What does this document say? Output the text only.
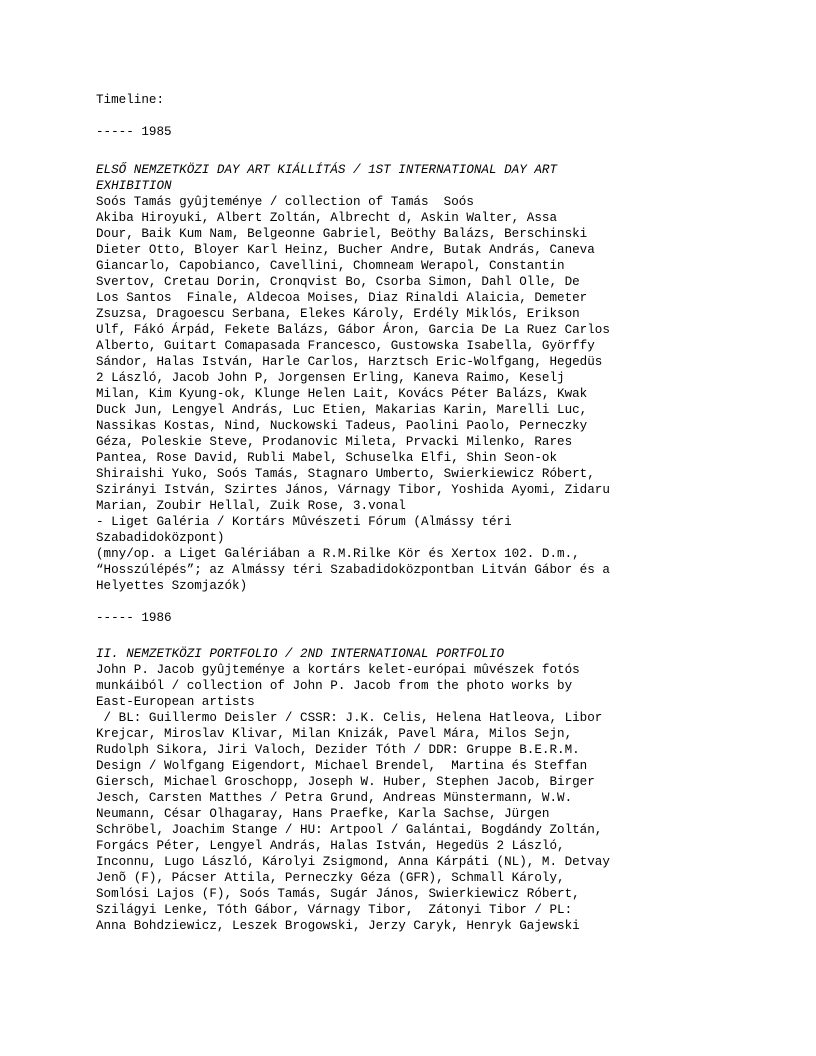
Timeline:
----- 1985
ELSŐ NEMZETKÖZI DAY ART KIÁLLÍTÁS / 1ST INTERNATIONAL DAY ART
EXHIBITION
Soós Tamás gyûjteménye / collection of Tamás  Soós
Akiba Hiroyuki, Albert Zoltán, Albrecht d, Askin Walter, Assa
Dour, Baik Kum Nam, Belgeonne Gabriel, Beöthy Balázs, Berschinski
Dieter Otto, Bloyer Karl Heinz, Bucher Andre, Butak András, Caneva
Giancarlo, Capobianco, Cavellini, Chomneam Werapol, Constantin
Svertov, Cretau Dorin, Cronqvist Bo, Csorba Simon, Dahl Olle, De
Los Santos  Finale, Aldecoa Moises, Diaz Rinaldi Alaicia, Demeter
Zsuzsa, Dragoescu Serbana, Elekes Károly, Erdély Miklós, Erikson
Ulf, Fákó Árpád, Fekete Balázs, Gábor Áron, Garcia De La Ruez Carlos
Alberto, Guitart Comapasada Francesco, Gustowska Isabella, Györffy
Sándor, Halas István, Harle Carlos, Harztsch Eric-Wolfgang, Hegedüs
2 László, Jacob John P, Jorgensen Erling, Kaneva Raimo, Keselj
Milan, Kim Kyung-ok, Klunge Helen Lait, Kovács Péter Balázs, Kwak
Duck Jun, Lengyel András, Luc Etien, Makarias Karin, Marelli Luc,
Nassikas Kostas, Nind, Nuckowski Tadeus, Paolini Paolo, Perneczky
Géza, Poleskie Steve, Prodanovic Mileta, Prvacki Milenko, Rares
Pantea, Rose David, Rubli Mabel, Schuselka Elfi, Shin Seon-ok
Shiraishi Yuko, Soós Tamás, Stagnaro Umberto, Swierkiewicz Róbert,
Szirányi István, Szirtes János, Várnagy Tibor, Yoshida Ayomi, Zidaru
Marian, Zoubir Hellal, Zuik Rose, 3.vonal
- Liget Galéria / Kortárs Mûvészeti Fórum (Almássy téri
Szabadidoközpont)
(mny/op. a Liget Galériában a R.M.Rilke Kör és Xertox 102. D.m.,
“Hosszúlépés”; az Almássy téri Szabadidoközpontban Litván Gábor és a
Helyettes Szomjazók)
----- 1986
II. NEMZETKÖZI PORTFOLIO / 2ND INTERNATIONAL PORTFOLIO
John P. Jacob gyûjteménye a kortárs kelet-európai mûvészek fotós
munkáiból / collection of John P. Jacob from the photo works by
East-European artists
/ BL: Guillermo Deisler / CSSR: J.K. Celis, Helena Hatleova, Libor
Krejcar, Miroslav Klivar, Milan Knizák, Pavel Mára, Milos Sejn,
Rudolph Sikora, Jiri Valoch, Dezider Tóth / DDR: Gruppe B.E.R.M.
Design / Wolfgang Eigendort, Michael Brendel,  Martina és Steffan
Giersch, Michael Groschopp, Joseph W. Huber, Stephen Jacob, Birger
Jesch, Carsten Matthes / Petra Grund, Andreas Münstermann, W.W.
Neumann, César Olhagaray, Hans Praefke, Karla Sachse, Jürgen
Schröbel, Joachim Stange / HU: Artpool / Galántai, Bogdándy Zoltán,
Forgács Péter, Lengyel András, Halas István, Hegedüs 2 László,
Inconnu, Lugo László, Károlyi Zsigmond, Anna Kárpáti (NL), M. Detvay
Jenõ (F), Pácser Attila, Perneczky Géza (GFR), Schmall Károly,
Somlósi Lajos (F), Soós Tamás, Sugár János, Swierkiewicz Róbert,
Szilágyi Lenke, Tóth Gábor, Várnagy Tibor,  Zátonyi Tibor / PL:
Anna Bohdziewicz, Leszek Brogowski, Jerzy Caryk, Henryk Gajewski
